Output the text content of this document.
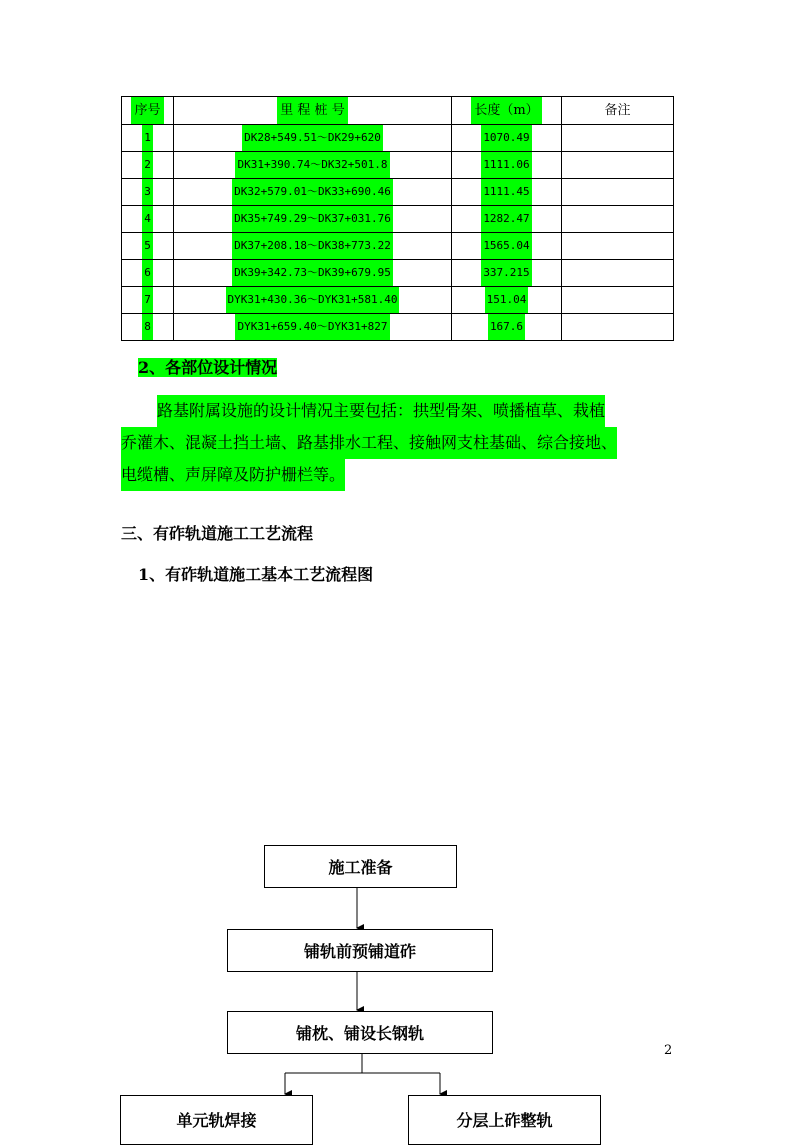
序号	里 程 桩 号	长度（m）	备注
1	DK28+549.51～DK29+620	1070.49	
2	DK31+390.74～DK32+501.8	1111.06	
3	DK32+579.01～DK33+690.46	1111.45	
4	DK35+749.29～DK37+031.76	1282.47	
5	DK37+208.18～DK38+773.22	1565.04	
6	DK39+342.73～DK39+679.95	337.215	
7	DYK31+430.36～DYK31+581.40	151.04	
8	DYK31+659.40～DYK31+827	167.6	

2、各部位设计情况

路基附属设施的设计情况主要包括：拱型骨架、喷播植草、栽植
乔灌木、混凝土挡土墙、路基排水工程、接触网支柱基础、综合接地、
电缆槽、声屏障及防护栅栏等。

三、有砟轨道施工工艺流程

1、有砟轨道施工基本工艺流程图

施工准备
铺轨前预铺道砟
铺枕、铺设长钢轨
单元轨焊接	分层上砟整轨

2
